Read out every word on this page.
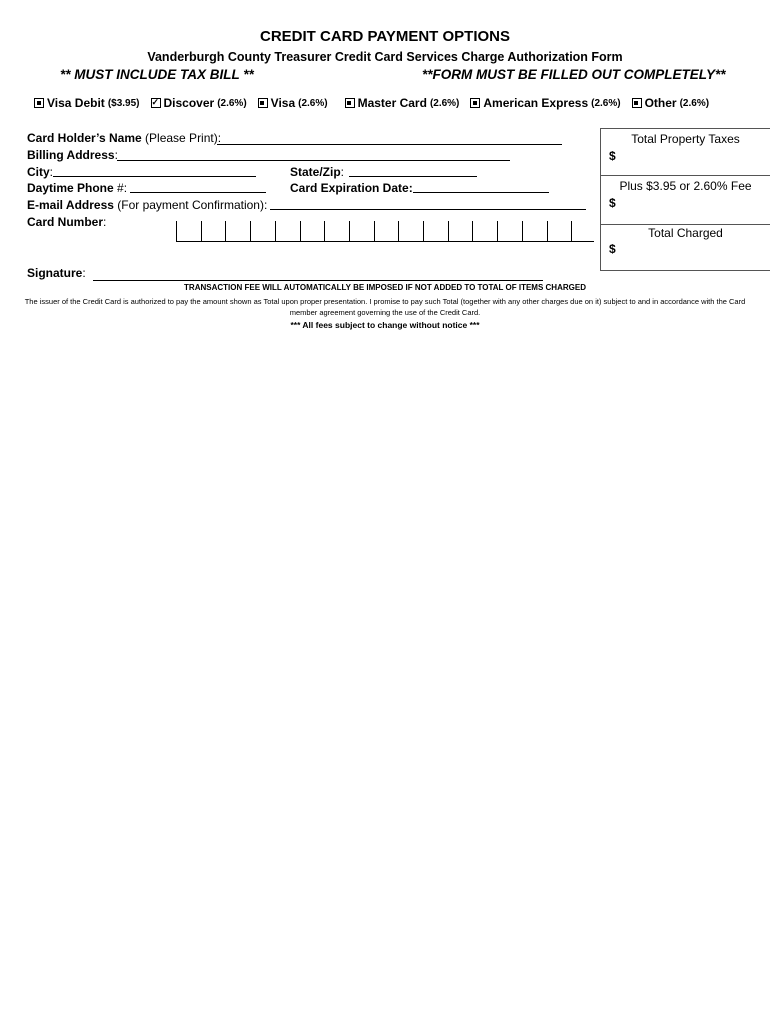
CREDIT CARD PAYMENT OPTIONS
Vanderburgh County Treasurer Credit Card Services Charge Authorization Form
** MUST INCLUDE TAX BILL **	**FORM MUST BE FILLED OUT COMPLETELY**
Visa Debit ($3.95)
✓ Discover (2.6%) Visa (2.6%)	Master Card (2.6%) American Express (2.6%) Other (2.6%)
Card Holder’s Name (Please Print):
Billing Address:
City:	State/Zip:
Daytime Phone #:	Card Expiration Date:
E-mail Address (For payment Confirmation):
Card Number:
Total Property Taxes
$
Plus $3.95 or 2.60% Fee
$
Total Charged
$
Signature:
TRANSACTION FEE WILL AUTOMATICALLY BE IMPOSED IF NOT ADDED TO TOTAL OF ITEMS CHARGED
The issuer of the Credit Card is authorized to pay the amount shown as Total upon proper presentation. I promise to pay such Total (together with any other charges due on it) subject to and in accordance with the Card member agreement governing the use of the Credit Card.
*** All fees subject to change without notice ***
